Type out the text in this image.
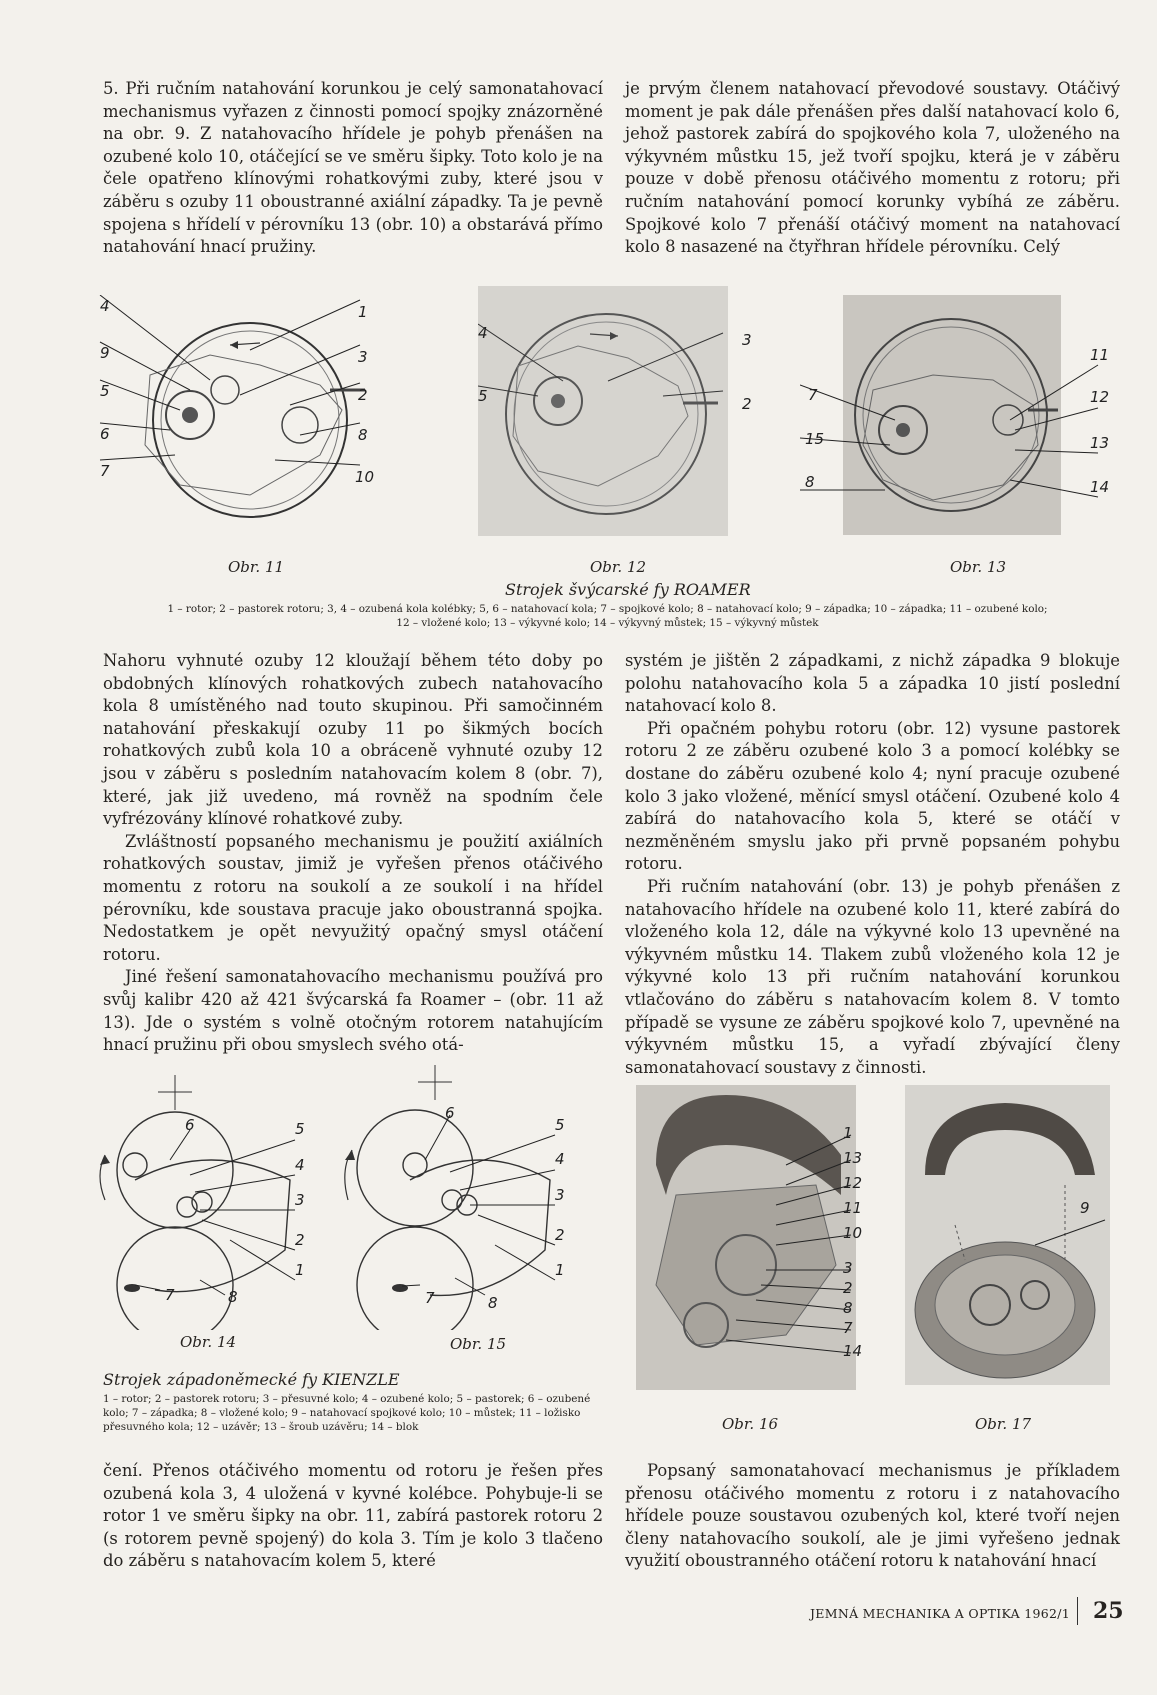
5. Při ručním natahování korunkou je celý samonatahovací mechanismus vyřazen z činnosti pomocí spojky znázorněné na obr. 9. Z natahovacího hřídele je pohyb přenášen na ozubené kolo 10, otáčející se ve směru šipky. Toto kolo je na čele opatřeno klínovými rohatkovými zuby, které jsou v záběru s ozuby 11 oboustranné axiální západky. Ta je pevně spojena s hřídelí v pérovníku 13 (obr. 10) a obstarává přímo natahování hnací pružiny.

je prvým členem natahovací převodové soustavy. Otáčivý moment je pak dále přenášen přes další natahovací kolo 6, jehož pastorek zabírá do spojkového kola 7, uloženého na výkyvném můstku 15, jež tvoří spojku, která je v záběru pouze v době přenosu otáčivého momentu z rotoru; při ručním natahování pomocí korunky vybíhá ze záběru. Spojkové kolo 7 přenáší otáčivý moment na natahovací kolo 8 nasazené na čtyřhran hřídele pérovníku. Celý

4	1
9	3
5	2
6	8
7	10
4
5
3
2
11
12
7
13
15
8	14
Obr. 11	Obr. 12	Obr. 13
Strojek švýcarské fy ROAMER
1 – rotor; 2 – pastorek rotoru; 3, 4 – ozubená kola kolébky; 5, 6 – natahovací kola; 7 – spojkové kolo; 8 – natahovací kolo; 9 – západka; 10 – západka; 11 – ozubené kolo;
12 – vložené kolo; 13 – výkyvné kolo; 14 – výkyvný můstek; 15 – výkyvný můstek

Nahoru vyhnuté ozuby 12 kloužají během této doby po obdobných klínových rohatkových zubech natahovacího kola 8 umístěného nad touto skupinou. Při samočinném natahování přeskakují ozuby 11 po šikmých bocích rohatkových zubů kola 10 a obráceně vyhnuté ozuby 12 jsou v záběru s posledním natahovacím kolem 8 (obr. 7), které, jak již uvedeno, má rovněž na spodním čele vyfrézovány klínové rohatkové zuby.

Zvláštností popsaného mechanismu je použití axiálních rohatkových soustav, jimiž je vyřešen přenos otáčivého momentu z rotoru na soukolí a ze soukolí i na hřídel pérovníku, kde soustava pracuje jako oboustranná spojka. Nedostatkem je opět nevyužitý opačný smysl otáčení rotoru.

Jiné řešení samonatahovacího mechanismu používá pro svůj kalibr 420 až 421 švýcarská fa Roamer – (obr. 11 až 13). Jde o systém s volně otočným rotorem natahujícím hnací pružinu při obou smyslech svého otá-

systém je jištěn 2 západkami, z nichž západka 9 blokuje polohu natahovacího kola 5 a západka 10 jistí poslední natahovací kolo 8.

Při opačném pohybu rotoru (obr. 12) vysune pastorek rotoru 2 ze záběru ozubené kolo 3 a pomocí kolébky se dostane do záběru ozubené kolo 4; nyní pracuje ozubené kolo 3 jako vložené, měnící smysl otáčení. Ozubené kolo 4 zabírá do natahovacího kola 5, které se otáčí v nezměněném smyslu jako při prvně popsaném pohybu rotoru.

Při ručním natahování (obr. 13) je pohyb přenášen z natahovacího hřídele na ozubené kolo 11, které zabírá do vloženého kola 12, dále na výkyvné kolo 13 upevněné na výkyvném můstku 14. Tlakem zubů vloženého kola 12 je výkyvné kolo 13 při ručním natahování korunkou vtlačováno do záběru s natahovacím kolem 8. V tomto případě se vysune ze záběru spojkové kolo 7, upevněné na výkyvném můstku 15, a vyřadí zbývající členy samonatahovací soustavy z činnosti.

6	5
4
3
2
1
7	8
Obr. 14
6
5
4
3
2
1
7	8
Obr. 15
Strojek západoněmecké fy KIENZLE
1 – rotor; 2 – pastorek rotoru; 3 – přesuvné kolo; 4 – ozubené kolo; 5 – pastorek; 6 – ozubené kolo; 7 – západka; 8 – vložené kolo; 9 – natahovací spojkové kolo; 10 – můstek; 11 – ložisko přesuvného kola; 12 – uzávěr; 13 – šroub uzávěru; 14 – blok
1
13
12
11
10
3
2
8
7
14
Obr. 16
9
Obr. 17

čení. Přenos otáčivého momentu od rotoru je řešen přes ozubená kola 3, 4 uložená v kyvné kolébce. Pohybuje-li se rotor 1 ve směru šipky na obr. 11, zabírá pastorek rotoru 2 (s rotorem pevně spojený) do kola 3. Tím je kolo 3 tlačeno do záběru s natahovacím kolem 5, které

Popsaný samonatahovací mechanismus je příkladem přenosu otáčivého momentu z rotoru i z natahovacího hřídele pouze soustavou ozubených kol, které tvoří nejen členy natahovacího soukolí, ale je jimi vyřešeno jednak využití oboustranného otáčení rotoru k natahování hnací

JEMNÁ MECHANIKA A OPTIKA 1962/1 25
